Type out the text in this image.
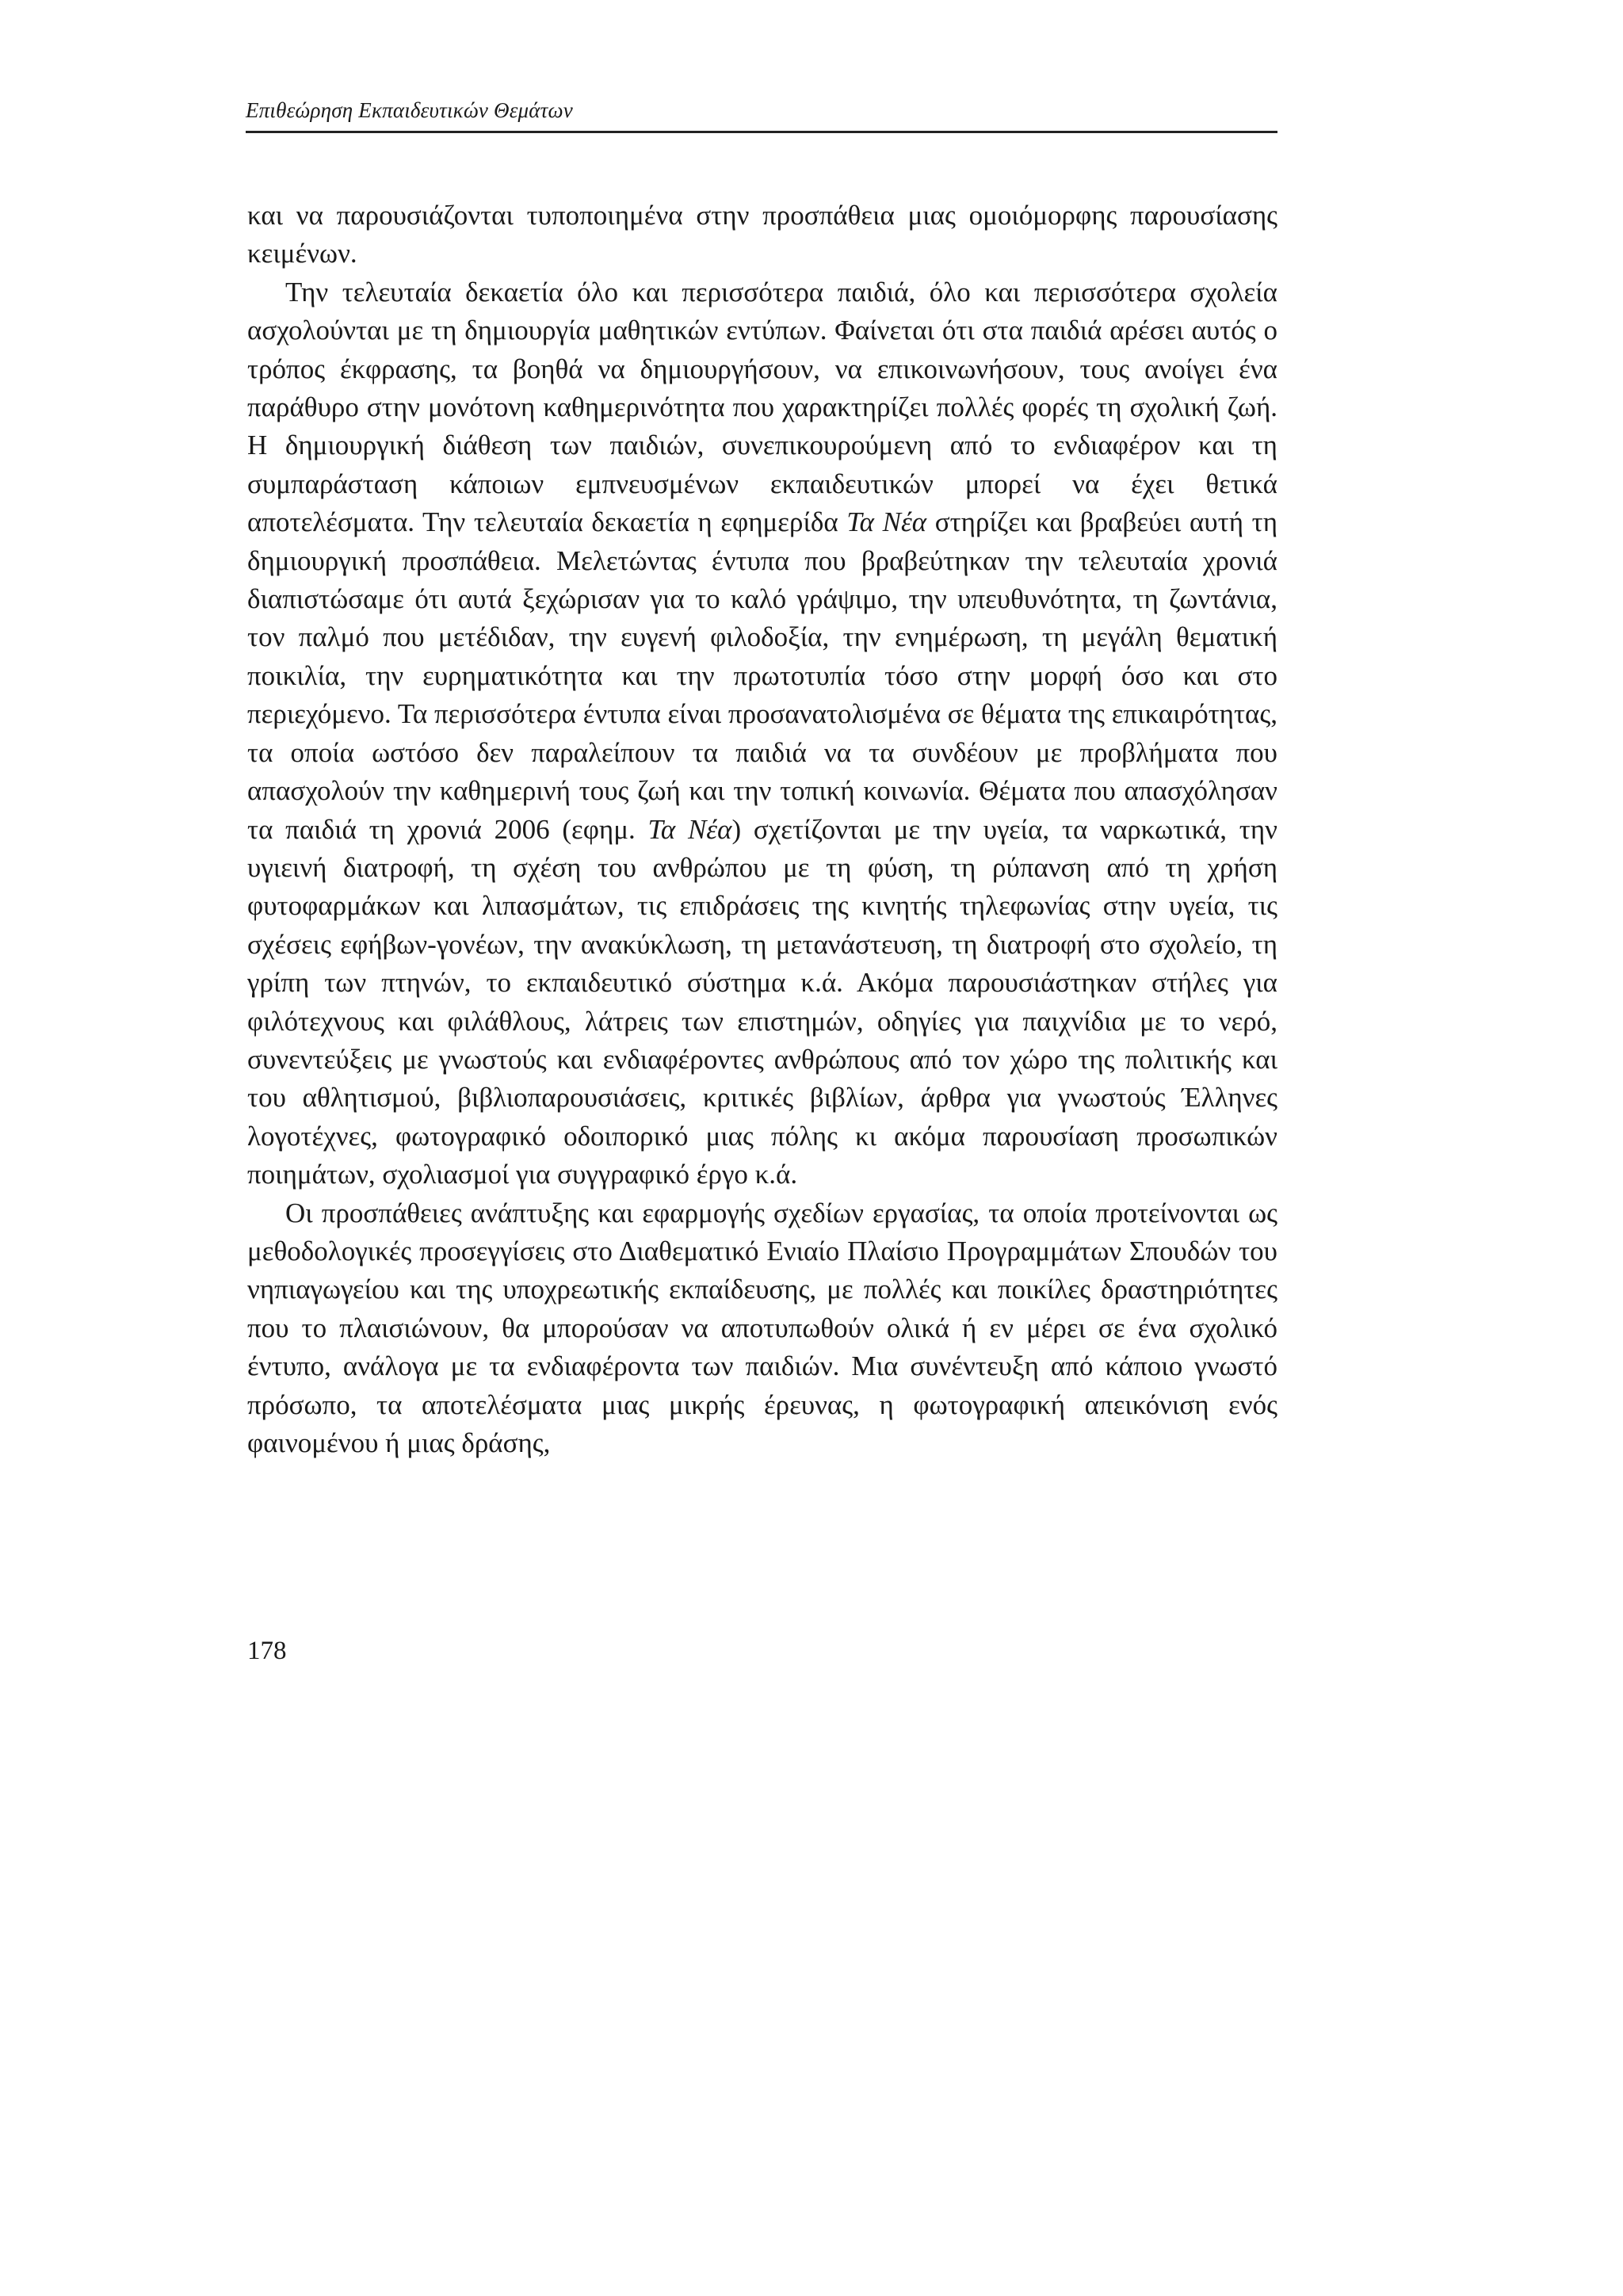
Επιθεώρηση Εκπαιδευτικών Θεμάτων

και να παρουσιάζονται τυποποιημένα στην προσπάθεια μιας ομοιόμορφης παρουσίασης κειμένων.

Την τελευταία δεκαετία όλο και περισσότερα παιδιά, όλο και περισσότερα σχολεία ασχολούνται με τη δημιουργία μαθητικών εντύπων. Φαίνεται ότι στα παιδιά αρέσει αυτός ο τρόπος έκφρασης, τα βοηθά να δημιουργήσουν, να επικοινωνήσουν, τους ανοίγει ένα παράθυρο στην μονότονη καθημερινότητα που χαρακτηρίζει πολλές φορές τη σχολική ζωή. Η δημιουργική διάθεση των παιδιών, συνεπικουρούμενη από το ενδιαφέρον και τη συμπαράσταση κάποιων εμπνευσμένων εκπαιδευτικών μπορεί να έχει θετικά αποτελέσματα. Την τελευταία δεκαετία η εφημερίδα Τα Νέα στηρίζει και βραβεύει αυτή τη δημιουργική προσπάθεια. Μελετώντας έντυπα που βραβεύτηκαν την τελευταία χρονιά διαπιστώσαμε ότι αυτά ξεχώρισαν για το καλό γράψιμο, την υπευθυνότητα, τη ζωντάνια, τον παλμό που μετέδιδαν, την ευγενή φιλοδοξία, την ενημέρωση, τη μεγάλη θεματική ποικιλία, την ευρηματικότητα και την πρωτοτυπία τόσο στην μορφή όσο και στο περιεχόμενο. Τα περισσότερα έντυπα είναι προσανατολισμένα σε θέματα της επικαιρότητας, τα οποία ωστόσο δεν παραλείπουν τα παιδιά να τα συνδέουν με προβλήματα που απασχολούν την καθημερινή τους ζωή και την τοπική κοινωνία. Θέματα που απασχόλησαν τα παιδιά τη χρονιά 2006 (εφημ. Τα Νέα) σχετίζονται με την υγεία, τα ναρκωτικά, την υγιεινή διατροφή, τη σχέση του ανθρώπου με τη φύση, τη ρύπανση από τη χρήση φυτοφαρμάκων και λιπασμάτων, τις επιδράσεις της κινητής τηλεφωνίας στην υγεία, τις σχέσεις εφήβων-γονέων, την ανακύκλωση, τη μετανάστευση, τη διατροφή στο σχολείο, τη γρίπη των πτηνών, το εκπαιδευτικό σύστημα κ.ά. Ακόμα παρουσιάστηκαν στήλες για φιλότεχνους και φιλάθλους, λάτρεις των επιστημών, οδηγίες για παιχνίδια με το νερό, συνεντεύξεις με γνωστούς και ενδιαφέροντες ανθρώπους από τον χώρο της πολιτικής και του αθλητισμού, βιβλιοπαρουσιάσεις, κριτικές βιβλίων, άρθρα για γνωστούς Έλληνες λογοτέχνες, φωτογραφικό οδοιπορικό μιας πόλης κι ακόμα παρουσίαση προσωπικών ποιημάτων, σχολιασμοί για συγγραφικό έργο κ.ά.

Οι προσπάθειες ανάπτυξης και εφαρμογής σχεδίων εργασίας, τα οποία προτείνονται ως μεθοδολογικές προσεγγίσεις στο Διαθεματικό Ενιαίο Πλαίσιο Προγραμμάτων Σπουδών του νηπιαγωγείου και της υποχρεωτικής εκπαίδευσης, με πολλές και ποικίλες δραστηριότητες που το πλαισιώνουν, θα μπορούσαν να αποτυπωθούν ολικά ή εν μέρει σε ένα σχολικό έντυπο, ανάλογα με τα ενδιαφέροντα των παιδιών. Μια συνέντευξη από κάποιο γνωστό πρόσωπο, τα αποτελέσματα μιας μικρής έρευνας, η φωτογραφική απεικόνιση ενός φαινομένου ή μιας δράσης,

178
